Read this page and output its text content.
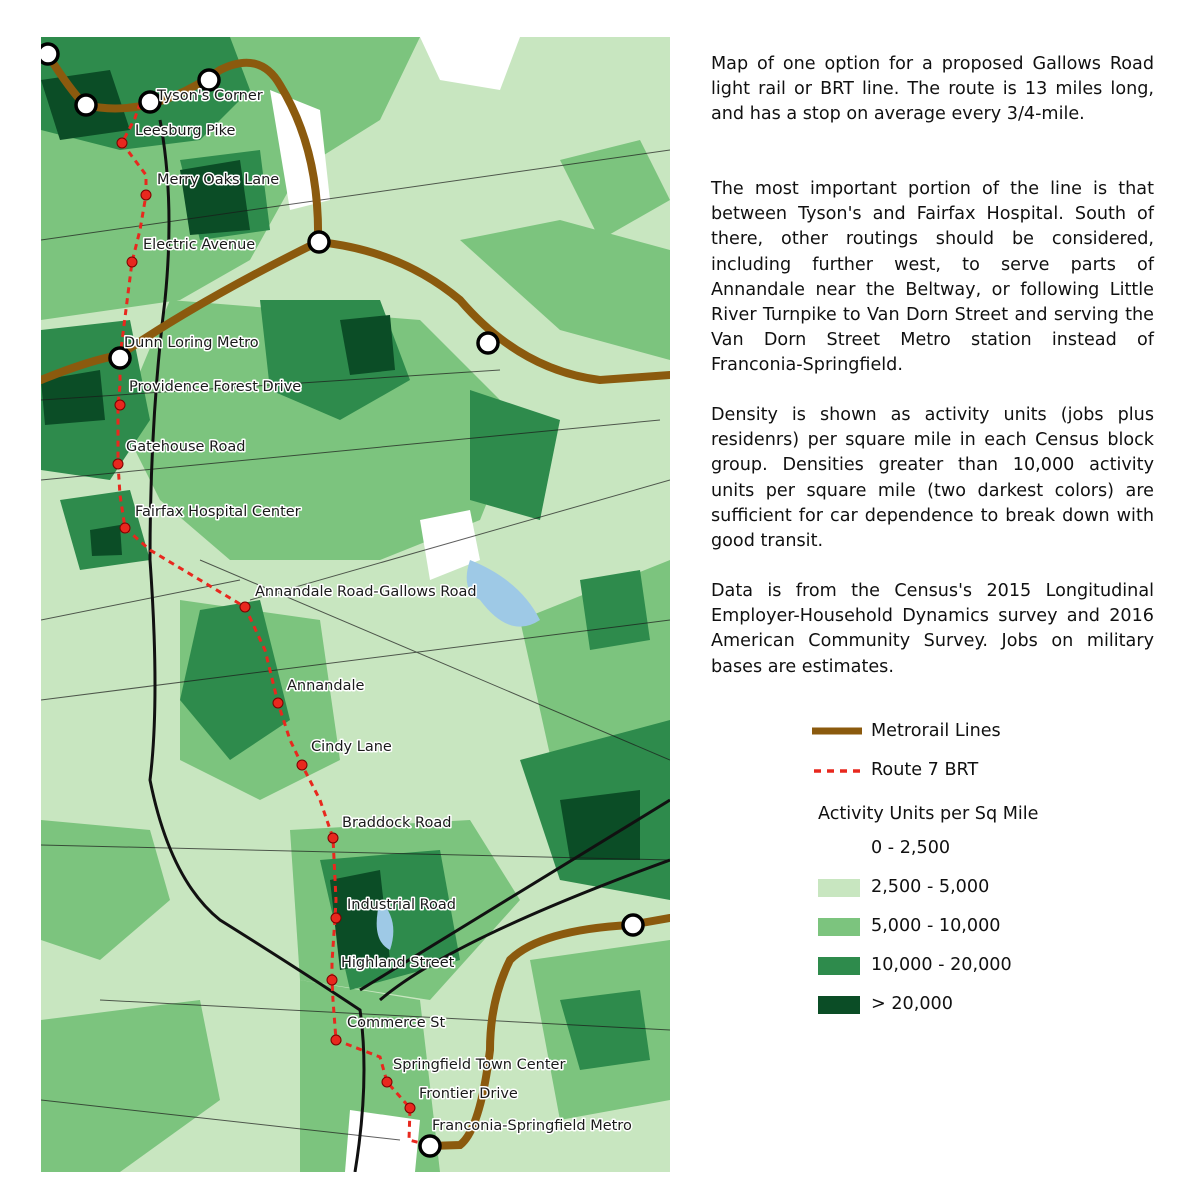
Tyson's Corner
Leesburg Pike
Merry Oaks Lane
Electric Avenue
Dunn Loring Metro
Providence Forest Drive
Gatehouse Road
Fairfax Hospital Center
Annandale Road-Gallows Road
Annandale
Cindy Lane
Braddock Road
Industrial Road
Highland Street
Commerce St
Springfield Town Center
Frontier Drive
Franconia-Springfield Metro

Map of one option for a proposed Gallows Road light rail or BRT line. The route is 13 miles long, and has a stop on average every 3/4-mile.

The most important portion of the line is that between Tyson's and Fairfax Hospital. South of there, other routings should be considered, including further west, to serve parts of Annandale near the Beltway, or following Little River Turnpike to Van Dorn Street and serving the Van Dorn Street Metro station instead of Franconia-Springfield.

Density is shown as activity units (jobs plus residenrs) per square mile in each Census block group. Densities greater than 10,000 activity units per square mile (two darkest colors) are sufficient for car dependence to break down with good transit.

Data is from the Census's 2015 Longitudinal Employer-Household Dynamics survey and 2016 American Community Survey. Jobs on military bases are estimates.

Metrorail Lines
Route 7 BRT
Activity Units per Sq Mile
0 - 2,500
2,500 - 5,000
5,000 - 10,000
10,000 - 20,000
> 20,000
